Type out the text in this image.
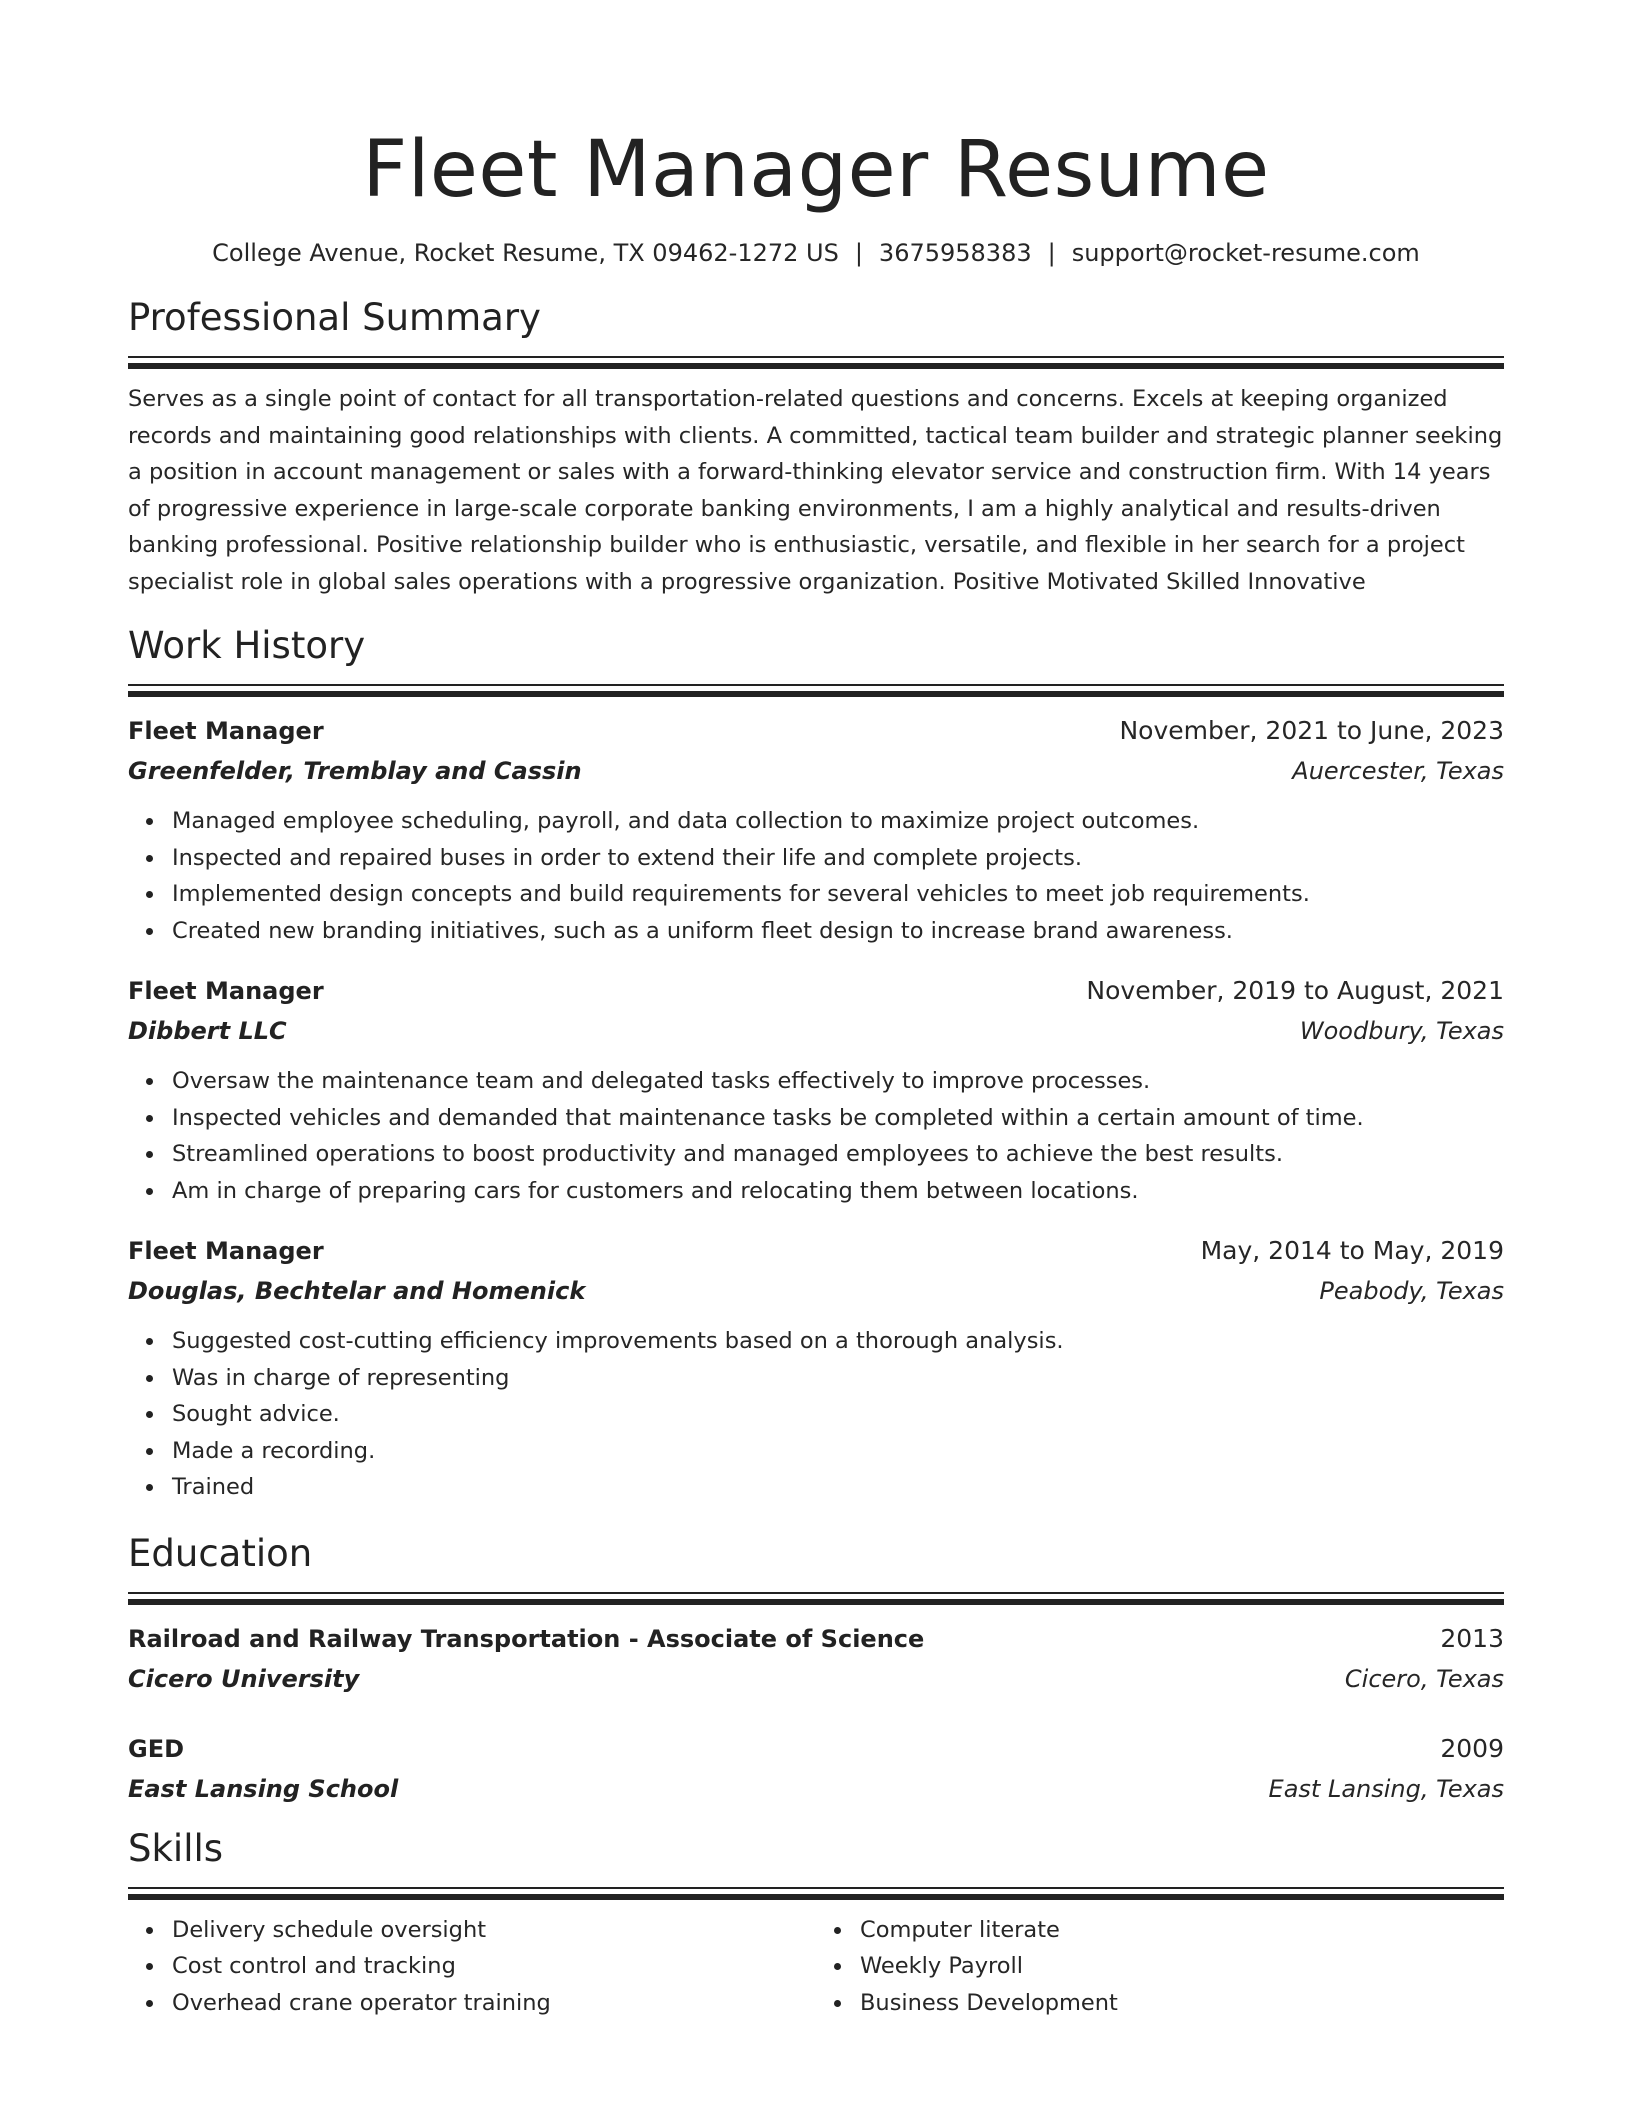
Fleet Manager Resume
College Avenue, Rocket Resume, TX 09462-1272 US | 3675958383 | support@rocket-resume.com
Professional Summary

Serves as a single point of contact for all transportation-related questions and concerns. Excels at keeping organized records and maintaining good relationships with clients. A committed, tactical team builder and strategic planner seeking a position in account management or sales with a forward-thinking elevator service and construction firm. With 14 years of progressive experience in large-scale corporate banking environments, I am a highly analytical and results-driven banking professional. Positive relationship builder who is enthusiastic, versatile, and flexible in her search for a project specialist role in global sales operations with a progressive organization. Positive Motivated Skilled Innovative

Work History
Fleet Manager	November, 2021 to June, 2023
Greenfelder, Tremblay and Cassin	Auercester, Texas
Managed employee scheduling, payroll, and data collection to maximize project outcomes.
Inspected and repaired buses in order to extend their life and complete projects.
Implemented design concepts and build requirements for several vehicles to meet job requirements.
Created new branding initiatives, such as a uniform fleet design to increase brand awareness.
Fleet Manager	November, 2019 to August, 2021
Dibbert LLC	Woodbury, Texas
Oversaw the maintenance team and delegated tasks effectively to improve processes.
Inspected vehicles and demanded that maintenance tasks be completed within a certain amount of time.
Streamlined operations to boost productivity and managed employees to achieve the best results.
Am in charge of preparing cars for customers and relocating them between locations.
Fleet Manager	May, 2014 to May, 2019
Douglas, Bechtelar and Homenick	Peabody, Texas
Suggested cost-cutting efficiency improvements based on a thorough analysis.
Was in charge of representing
Sought advice.
Made a recording.
Trained
Education
Railroad and Railway Transportation - Associate of Science	2013
Cicero University	Cicero, Texas
GED	2009
East Lansing School	East Lansing, Texas
Skills
Delivery schedule oversight
Cost control and tracking
Overhead crane operator training
Computer literate
Weekly Payroll
Business Development
